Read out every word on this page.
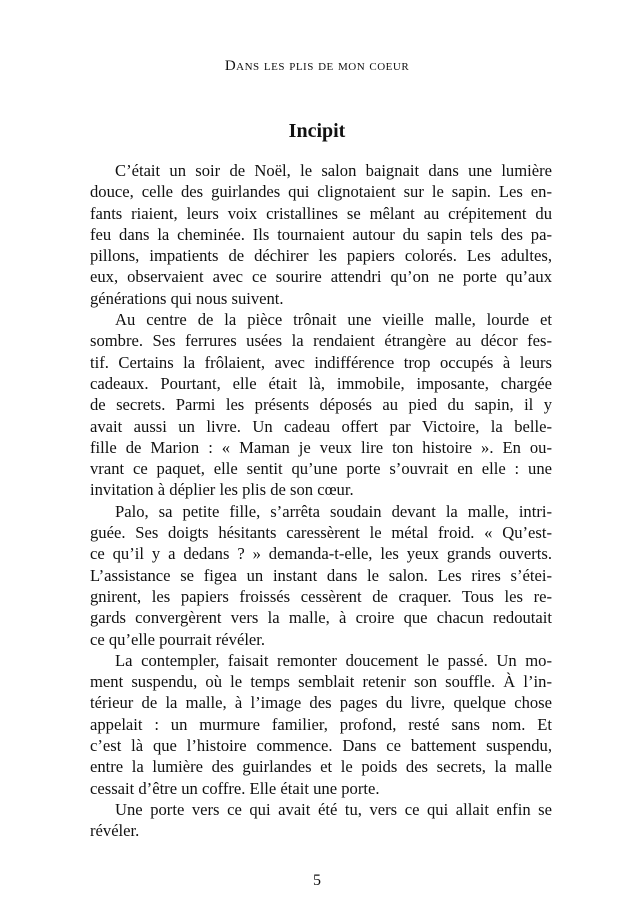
Dans les plis de mon coeur
Incipit

C’était un soir de Noël, le salon baignait dans une lumière
douce, celle des guirlandes qui clignotaient sur le sapin. Les en-
fants riaient, leurs voix cristallines se mêlant au crépitement du
feu dans la cheminée. Ils tournaient autour du sapin tels des pa-
pillons, impatients de déchirer les papiers colorés. Les adultes,
eux, observaient avec ce sourire attendri qu’on ne porte qu’aux
générations qui nous suivent.

Au centre de la pièce trônait une vieille malle, lourde et
sombre. Ses ferrures usées la rendaient étrangère au décor fes-
tif. Certains la frôlaient, avec indifférence trop occupés à leurs
cadeaux. Pourtant, elle était là, immobile, imposante, chargée
de secrets. Parmi les présents déposés au pied du sapin, il y
avait aussi un livre. Un cadeau offert par Victoire, la belle-
fille de Marion : « Maman je veux lire ton histoire ». En ou-
vrant ce paquet, elle sentit qu’une porte s’ouvrait en elle : une
invitation à déplier les plis de son cœur.

Palo, sa petite fille, s’arrêta soudain devant la malle, intri-
guée. Ses doigts hésitants caressèrent le métal froid. « Qu’est-
ce qu’il y a dedans ? » demanda-t-elle, les yeux grands ouverts.
L’assistance se figea un instant dans le salon. Les rires s’étei-
gnirent, les papiers froissés cessèrent de craquer. Tous les re-
gards convergèrent vers la malle, à croire que chacun redoutait
ce qu’elle pourrait révéler.

La contempler, faisait remonter doucement le passé. Un mo-
ment suspendu, où le temps semblait retenir son souffle. À l’in-
térieur de la malle, à l’image des pages du livre, quelque chose
appelait : un murmure familier, profond, resté sans nom. Et
c’est là que l’histoire commence. Dans ce battement suspendu,
entre la lumière des guirlandes et le poids des secrets, la malle
cessait d’être un coffre. Elle était une porte.

Une porte vers ce qui avait été tu, vers ce qui allait enfin se
révéler.

5
